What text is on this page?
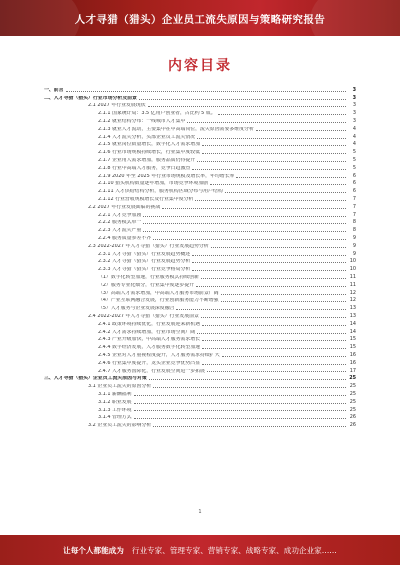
人才寻猎（猎头）企业员工流失原因与策略研究报告
内容目录
一、前言	3
二、人才寻猎（猎头）行业市场分析及前景	3
2.1 2027 年行业发展现状	3
2.1.1 国家统计局：3.5 亿用户创业者，占比约 5 成。	3
2.1.2 就业结构分布：一线城市人才集中	3
2.1.3 就业人才流动，主要集中在中高端岗位，流失原因需要多维度分析	4
2.1.4 人才流失分析，头部企业员工流失情况	4
2.1.5 就业岗位数量增长，数字化人才需求增加	4
2.1.6 行业市场规模持续增长，行业集中度较低	5
2.1.7 企业用人需求增加，服务品质仍待提升	5
2.1.8 行业中高端人才服务，竞争日趋激烈	5
2.1.9 2020 年至 2025 年行业市场规模及增长率，年均增长率	6
2.1.10 猎头机构数量逐年增加，市场竞争环境加剧	6
2.1.11 人才供给结构分析，服务机构区域分布与用户结构	6
2.1.12 行业营收规模增长及行业集中度分析	7
2.2 2027 年行业发展面临的挑战	7
2.2.1 人才竞争加剧	7
2.2.2 服务模式单一	8
2.2.3 人才流失严重	8
2.2.4 服务质量参差不齐	9
2.3 2022-2027 年人才寻猎（猎头）行业发展趋势分析	9
2.3.1 人才寻猎（猎头）行业发展趋势概述	9
2.3.2 人才寻猎（猎头）行业发展趋势分析	10
2.3.3 人才寻猎（猎头）行业竞争格局分析	10
（1）数字化转型加速，行业服务模式持续创新	11
（2）服务专业化细分，行业集中度逐步提升	11
（3）高端人才需求增加，中高端人才服务市场前景广阔	12
（4）产业互联网融合发展，行业创新服务能力不断增强	12
（5）人才服务与企业发展深度融合	13
2.4 2022-2027 年人才寻猎（猎头）行业发展前景	13
2.4.1 政策环境持续优化，行业发展迎来新机遇	14
2.4.2 人才需求持续增加，行业市场空间广阔	14
2.4.3 产业升级加快，中高端人才服务需求增长	15
2.4.4 数字经济发展，人才服务数字化转型加速	15
2.4.5 企业对人才重视程度提升，人才服务需求持续扩大	16
2.4.6 行业集中度提升，龙头企业竞争优势凸显	16
2.4.7 人才服务国际化，行业发展空间进一步拓展	17
三、人才寻猎（猎头）企业员工流失原因与对策	25
3.1 企业员工流失的原因分析	25
3.1.1 薪酬福利	25
3.1.2 职业发展	25
3.1.3 工作环境	25
3.1.4 管理方式	26
3.2 企业员工流失的影响分析	26
1
让每个人都能成为 行业专家、管理专家、营销专家、战略专家、成功企业家……
